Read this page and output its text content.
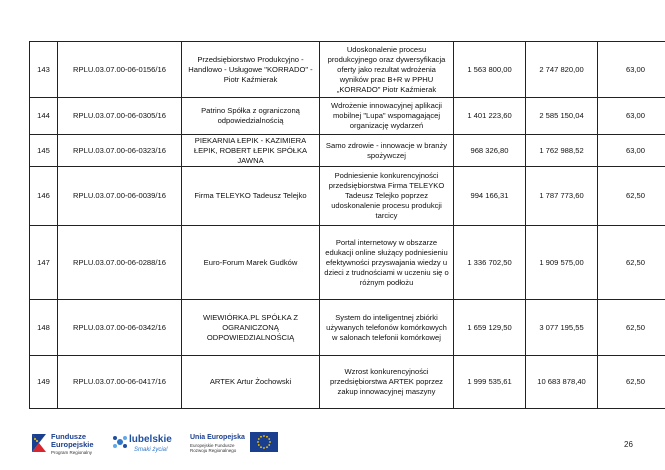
143	RPLU.03.07.00-06-0156/16	Przedsiębiorstwo Produkcyjno - Handlowo - Usługowe "KORRADO" - Piotr Kaźmierak	Udoskonalenie procesu produkcyjnego oraz dywersyfikacja oferty jako rezultat wdrożenia wyników prac B+R w PPHU „KORRADO" Piotr Kaźmierak	1 563 800,00	2 747 820,00	63,00
144	RPLU.03.07.00-06-0305/16	Patrino Spółka z ograniczoną odpowiedzialnością	Wdrożenie innowacyjnej aplikacji mobilnej "Lupa" wspomagającej organizację wydarzeń	1 401 223,60	2 585 150,04	63,00
145	RPLU.03.07.00-06-0323/16	PIEKARNIA ŁEPIK - KAZIMIERA ŁEPIK, ROBERT ŁEPIK SPÓŁKA JAWNA	Samo zdrowie - innowacje w branży spożywczej	968 326,80	1 762 988,52	63,00
146	RPLU.03.07.00-06-0039/16	Firma TELEYKO Tadeusz Telejko	Podniesienie konkurencyjności przedsiębiorstwa Firma TELEYKO Tadeusz Telejko poprzez udoskonalenie procesu produkcji tarcicy	994 166,31	1 787 773,60	62,50
147	RPLU.03.07.00-06-0288/16	Euro-Forum Marek Gudków	Portal internetowy w obszarze edukacji online służący podniesieniu efektywności przyswajania wiedzy u dzieci z trudnościami w uczeniu się o różnym podłożu	1 336 702,50	1 909 575,00	62,50
148	RPLU.03.07.00-06-0342/16	WIEWIÓRKA.PL SPÓŁKA Z OGRANICZONĄ ODPOWIEDZIALNOŚCIĄ	System do inteligentnej zbiórki używanych telefonów komórkowych w salonach telefonii komórkowej	1 659 129,50	3 077 195,55	62,50
149	RPLU.03.07.00-06-0417/16	ARTEK Artur Żochowski	Wzrost konkurencyjności przedsiębiorstwa ARTEK poprzez zakup innowacyjnej maszyny	1 999 535,61	10 683 878,40	62,50
Fundusze Europejskie
Program Regionalny
lubelskie
Smaki życia!
Unia Europejska
Europejskie Fundusze Rozwoju Regionalnego
26
